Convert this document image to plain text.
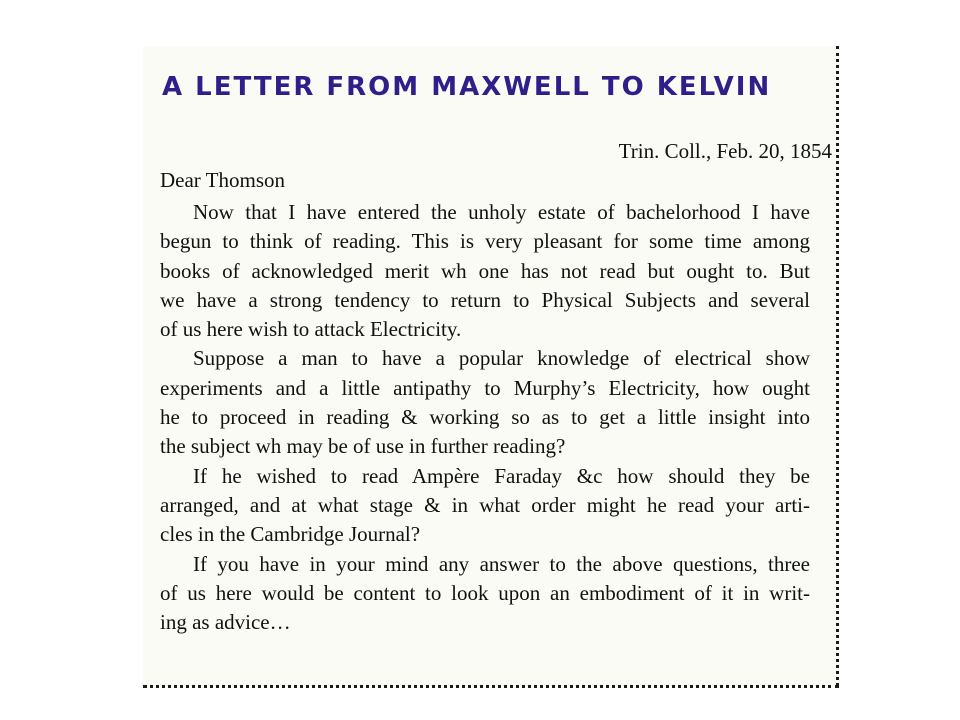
A LETTER FROM MAXWELL TO KELVIN
Trin. Coll., Feb. 20, 1854
Dear Thomson
Now that I have entered the unholy estate of bachelorhood I have
begun to think of reading. This is very pleasant for some time among
books of acknowledged merit wh one has not read but ought to. But
we have a strong tendency to return to Physical Subjects and several
of us here wish to attack Electricity.
Suppose a man to have a popular knowledge of electrical show
experiments and a little antipathy to Murphy’s Electricity, how ought
he to proceed in reading & working so as to get a little insight into
the subject wh may be of use in further reading?
If he wished to read Ampère Faraday &c how should they be
arranged, and at what stage & in what order might he read your arti-
cles in the Cambridge Journal?
If you have in your mind any answer to the above questions, three
of us here would be content to look upon an embodiment of it in writ-
ing as advice…
